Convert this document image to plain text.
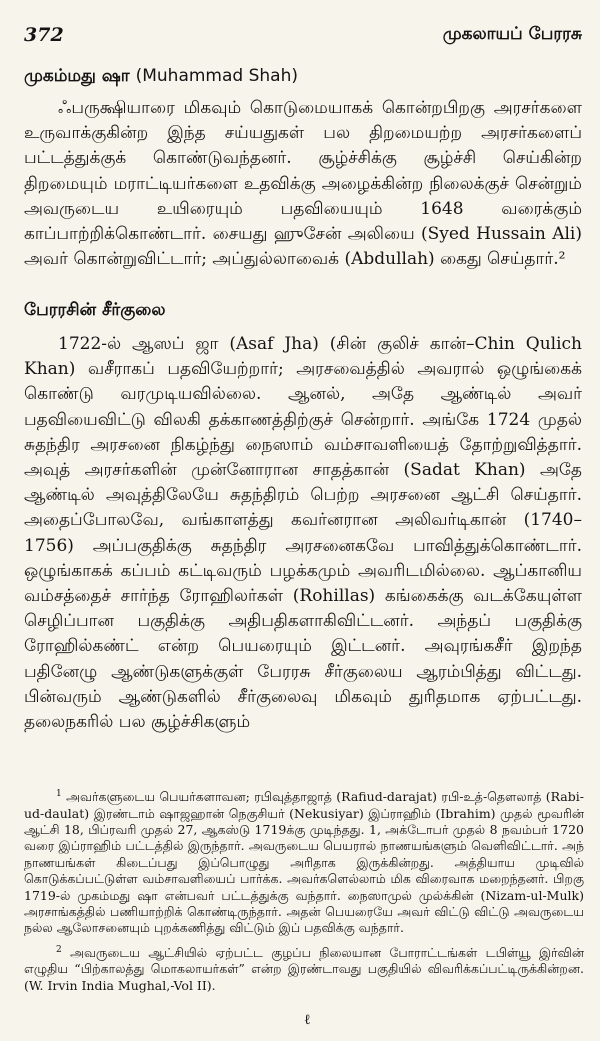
372	முகலாயப் பேரரசு
முகம்மது ஷா (Muhammad Shah)

ஃபருக்ஷியாரை மிகவும் கொடுமையாகக் கொன்றபிறகு அரசர்களை உருவாக்குகின்ற இந்த சய்யதுகள் பல திறமையற்ற அரசர்களைப் பட்டத்துக்குக் கொண்டுவந்தனர். சூழ்ச்சிக்கு சூழ்ச்சி செய்கின்ற திறமையும் மராட்டியர்களை உதவிக்கு அழைக்கின்ற நிலைக்குச் சென்றும் அவருடைய உயிரையும் பதவியையும் 1648 வரைக்கும் காப்பாற்றிக்கொண்டார். சையது ஹுசேன் அலியை (Syed Hussain Ali) அவர் கொன்றுவிட்டார்; அப்துல்லாவைக் (Abdullah) கைது செய்தார்.²

பேரரசின் சீர்குலை

1722-ல் ஆஸப் ஜா (Asaf Jha) (சின் குலிச் கான்–Chin Qulich Khan) வசீராகப் பதவியேற்றார்; அரசவைத்தில் அவரால் ஒழுங்கைக் கொண்டு வரமுடியவில்லை. ஆனல், அதே ஆண்டில் அவர் பதவியைவிட்டு விலகி தக்காணத்திற்குச் சென்றார். அங்கே 1724 முதல் சுதந்திர அரசனை நிகழ்ந்து நைஸாம் வம்சாவளியைத் தோற்றுவித்தார். அவுத் அரசர்களின் முன்னோரான சாதத்கான் (Sadat Khan) அதே ஆண்டில் அவுத்திலேயே சுதந்திரம் பெற்ற அரசனை ஆட்சி செய்தார். அதைப்போலவே, வங்காளத்து கவர்னரான அலிவர்டிகான் (1740–1756) அப்பகுதிக்கு சுதந்திர அரசனைகவே பாவித்துக்கொண்டார். ஒழுங்காகக் கப்பம் கட்டிவரும் பழக்கமும் அவரிடமில்லை. ஆப்கானிய வம்சத்தைச் சார்ந்த ரோஹிலர்கள் (Rohillas) கங்கைக்கு வடக்கேயுள்ள செழிப்பான பகுதிக்கு அதிபதிகளாகிவிட்டனர். அந்தப் பகுதிக்கு ரோஹில்கண்ட் என்ற பெயரையும் இட்டனர். அவுரங்கசீர் இறந்த பதினேழு ஆண்டுகளுக்குள் பேரரசு சீர்குலைய ஆரம்பித்து விட்டது. பின்வரும் ஆண்டுகளில் சீர்குலைவு மிகவும் துரிதமாக ஏற்பட்டது. தலைநகரில் பல சூழ்ச்சிகளும்

$^1$ அவர்களுடைய பெயர்களாவன; ரபிவுத்தாஜாத் (Rafiud-darajat) ரபி-உத்-தௌலாத் (Rabi-ud-daulat) இரண்டாம் ஷாஜஹான் நெகுசியர் (Nekusiyar) இப்ராஹிம் (Ibrahim) முதல் மூவரின் ஆட்சி 18, பிப்ரவரி முதல் 27, ஆகஸ்டு 1719க்கு முடிந்தது. 1, அக்டோபர் முதல் 8 நவம்பர் 1720 வரை இப்ராஹிம் பட்டத்தில் இருந்தார். அவருடைய பெயரால் நாணயங்களும் வெளிவிட்டார். அந் நாணயங்கள் கிடைப்பது இப்பொழுது அரிதாக இருக்கின்றது. அத்தியாய முடிவில் கொடுக்கப்பட்டுள்ள வம்சாவளியைப் பார்க்க. அவர்களெல்லாம் மிக விரைவாக மறைந்தனர். பிறகு 1719-ல் முகம்மது ஷா என்பவர் பட்டத்துக்கு வந்தார். நைஸாமுல் முல்க்கின் (Nizam-ul-Mulk) அரசாங்கத்தில் பணியாற்றிக் கொண்டிருந்தார். அதன் பெயரையே அவர் விட்டு விட்டு அவருடைய நல்ல ஆலோசனையும் புறக்கணித்து விட்டும் இப் பதவிக்கு வந்தார்.

$^2$ அவருடைய ஆட்சியில் ஏற்பட்ட குழப்ப நிலையான போராட்டங்கள் டபிள்யூ இர்வின் எழுதிய “பிற்காலத்து மொகலாயர்கள்” என்ற இரண்டாவது பகுதியில் விவரிக்கப்பட்டிருக்கின்றன. (W. Irvin India Mughal,-Vol II).

ℓ
